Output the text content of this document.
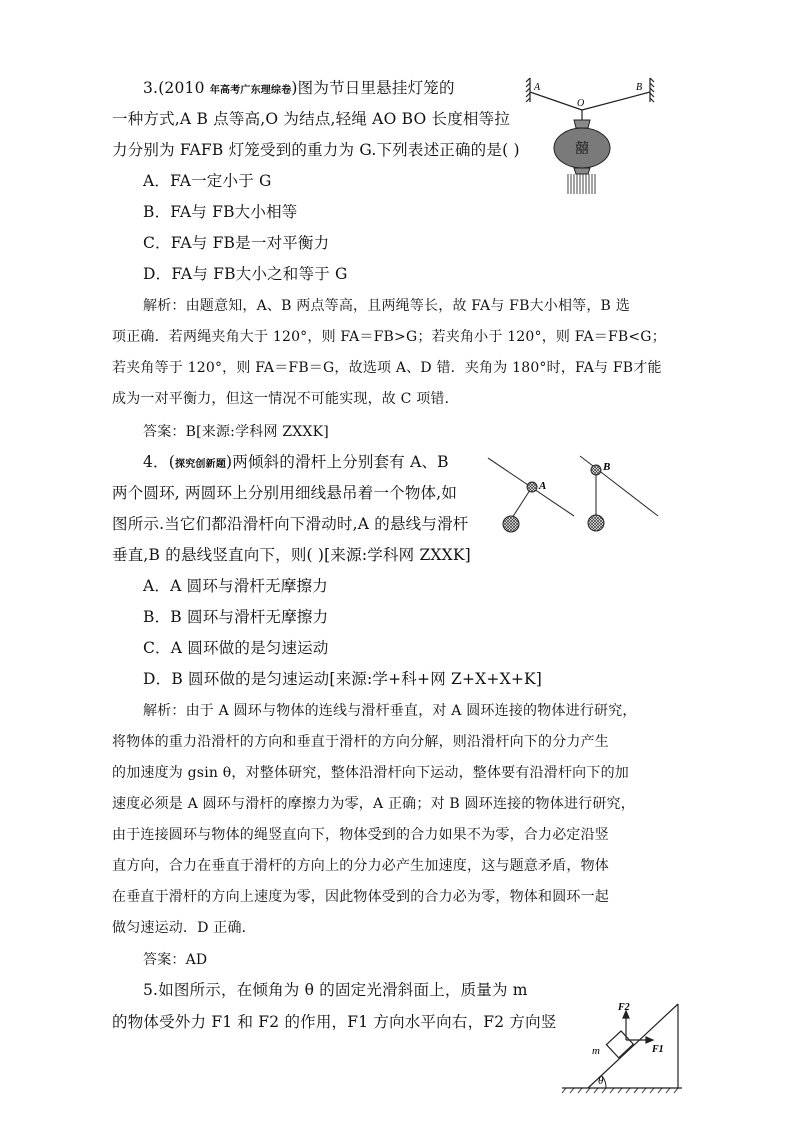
3.(2010 年高考广东理综卷)图为节日里悬挂灯笼的
一种方式,A B 点等高,O 为结点,轻绳 AO BO 长度相等拉
力分别为 FAFB 灯笼受到的重力为 G.下列表述正确的是( )
A．FA一定小于 G
B．FA与 FB大小相等
C．FA与 FB是一对平衡力
D．FA与 FB大小之和等于 G
解析：由题意知，A、B 两点等高，且两绳等长，故 FA与 FB大小相等，B 选
项正确．若两绳夹角大于 120°，则 FA＝FB>G；若夹角小于 120°，则 FA＝FB<G；
若夹角等于 120°，则 FA＝FB＝G，故选项 A、D 错．夹角为 180°时，FA与 FB才能
成为一对平衡力，但这一情况不可能实现，故 C 项错．
答案：B[来源:学科网 ZXXK]
A	B
O
囍
4．(探究创新题)两倾斜的滑杆上分别套有 A、B
两个圆环, 两圆环上分别用细线悬吊着一个物体,如
图所示.当它们都沿滑杆向下滑动时,A 的悬线与滑杆
垂直,B 的悬线竖直向下，则( )[来源:学科网 ZXXK]
A．A 圆环与滑杆无摩擦力
B．B 圆环与滑杆无摩擦力
C．A 圆环做的是匀速运动
D．B 圆环做的是匀速运动[来源:学+科+网 Z+X+X+K]
解析：由于 A 圆环与物体的连线与滑杆垂直，对 A 圆环连接的物体进行研究，
将物体的重力沿滑杆的方向和垂直于滑杆的方向分解，则沿滑杆向下的分力产生
的加速度为 gsin θ，对整体研究，整体沿滑杆向下运动，整体要有沿滑杆向下的加
速度必须是 A 圆环与滑杆的摩擦力为零，A 正确；对 B 圆环连接的物体进行研究，
由于连接圆环与物体的绳竖直向下，物体受到的合力如果不为零，合力必定沿竖
直方向，合力在垂直于滑杆的方向上的分力必产生加速度，这与题意矛盾，物体
在垂直于滑杆的方向上速度为零，因此物体受到的合力必为零，物体和圆环一起
做匀速运动．D 正确．
答案：AD
A
B
5.如图所示，在倾角为 θ 的固定光滑斜面上，质量为 m
的物体受外力 F1 和 F2 的作用，F1 方向水平向右，F2 方向竖
F2
F1
m
θ
